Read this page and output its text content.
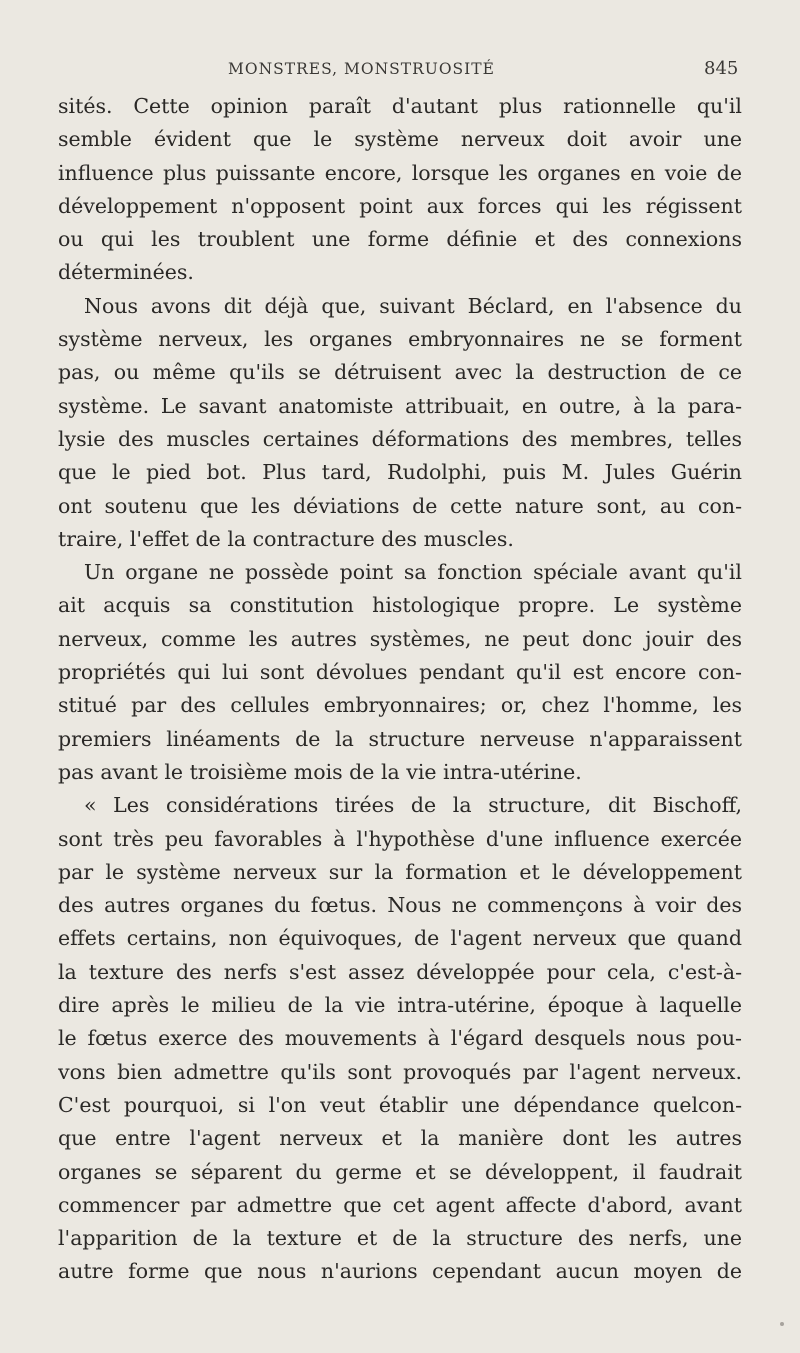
MONSTRES, MONSTRUOSITÉ	845
sités. Cette opinion paraît d'autant plus rationnelle qu'il
semble évident que le système nerveux doit avoir une
influence plus puissante encore, lorsque les organes en voie de
développement n'opposent point aux forces qui les régissent
ou qui les troublent une forme définie et des connexions
déterminées.
Nous avons dit déjà que, suivant Béclard, en l'absence du
système nerveux, les organes embryonnaires ne se forment
pas, ou même qu'ils se détruisent avec la destruction de ce
système. Le savant anatomiste attribuait, en outre, à la para-
lysie des muscles certaines déformations des membres, telles
que le pied bot. Plus tard, Rudolphi, puis M. Jules Guérin
ont soutenu que les déviations de cette nature sont, au con-
traire, l'effet de la contracture des muscles.
Un organe ne possède point sa fonction spéciale avant qu'il
ait acquis sa constitution histologique propre. Le système
nerveux, comme les autres systèmes, ne peut donc jouir des
propriétés qui lui sont dévolues pendant qu'il est encore con-
stitué par des cellules embryonnaires; or, chez l'homme, les
premiers linéaments de la structure nerveuse n'apparaissent
pas avant le troisième mois de la vie intra-utérine.
« Les considérations tirées de la structure, dit Bischoff,
sont très peu favorables à l'hypothèse d'une influence exercée
par le système nerveux sur la formation et le développement
des autres organes du fœtus. Nous ne commençons à voir des
effets certains, non équivoques, de l'agent nerveux que quand
la texture des nerfs s'est assez développée pour cela, c'est-à-
dire après le milieu de la vie intra-utérine, époque à laquelle
le fœtus exerce des mouvements à l'égard desquels nous pou-
vons bien admettre qu'ils sont provoqués par l'agent nerveux.
C'est pourquoi, si l'on veut établir une dépendance quelcon-
que entre l'agent nerveux et la manière dont les autres
organes se séparent du germe et se développent, il faudrait
commencer par admettre que cet agent affecte d'abord, avant
l'apparition de la texture et de la structure des nerfs, une
autre forme que nous n'aurions cependant aucun moyen de
